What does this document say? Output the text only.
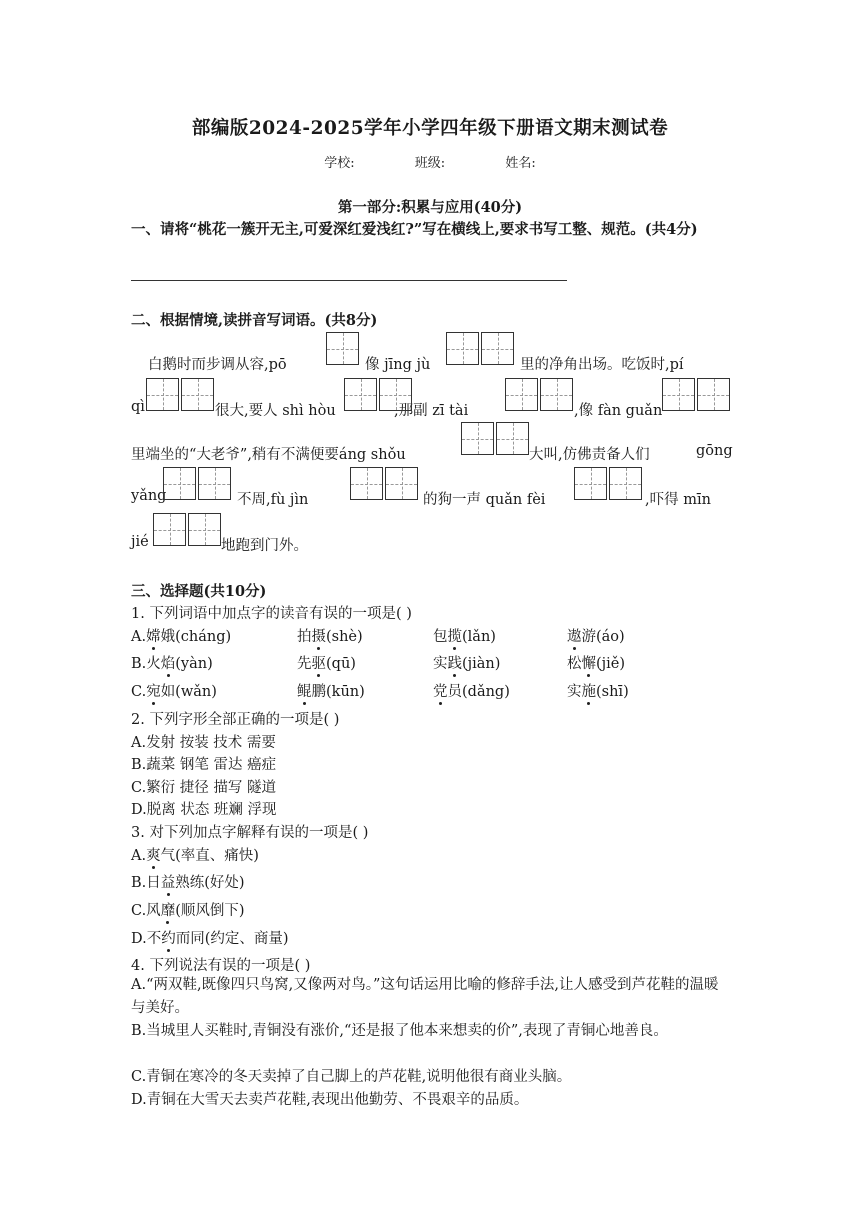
部编版2024-2025学年小学四年级下册语文期末测试卷
学校:	班级:	姓名:
第一部分:积累与应用(40分)
一、请将“桃花一簇开无主,可爱深红爱浅红?”写在横线上,要求书写工整、规范。(共4分)
二、根据情境,读拼音写词语。(共8分)
白鹅时而步调从容,pō	像 jīng jù	里的净角出场。吃饭时,pí
qì	很大,要人 shì hòu	,那副 zī tài	,像 fàn guǎn
里端坐的“大老爷”,稍有不满便要áng shǒu	大叫,仿佛责备人们	gōng
yǎng	不周,fù jìn	的狗一声 quǎn fèi	,吓得 mīn
jié	地跑到门外。
三、选择题(共10分)
1. 下列词语中加点字的读音有误的一项是( )
A.嫦娥(cháng)	拍摄(shè)	包揽(lǎn)	遨游(áo)
B.火焰(yàn)	先驱(qū)	实践(jiàn)	松懈(jiě)
C.宛如(wǎn)	鲲鹏(kūn)	党员(dǎng)	实施(shī)
2. 下列字形全部正确的一项是( )
A.发射 按装 技术 需要
B.蔬菜 钢笔 雷达 癌症
C.繁衍 捷径 描写 隧道
D.脱离 状态 班斓 浮现
3. 对下列加点字解释有误的一项是( )
A.爽气(率直、痛快)
B.日益熟练(好处)
C.风靡(顺风倒下)
D.不约而同(约定、商量)
4. 下列说法有误的一项是( )
A.“两双鞋,既像四只鸟窝,又像两对鸟。”这句话运用比喻的修辞手法,让人感受到芦花鞋的温暖与美好。
B.当城里人买鞋时,青铜没有涨价,“还是报了他本来想卖的价”,表现了青铜心地善良。
C.青铜在寒冷的冬天卖掉了自己脚上的芦花鞋,说明他很有商业头脑。
D.青铜在大雪天去卖芦花鞋,表现出他勤劳、不畏艰辛的品质。
